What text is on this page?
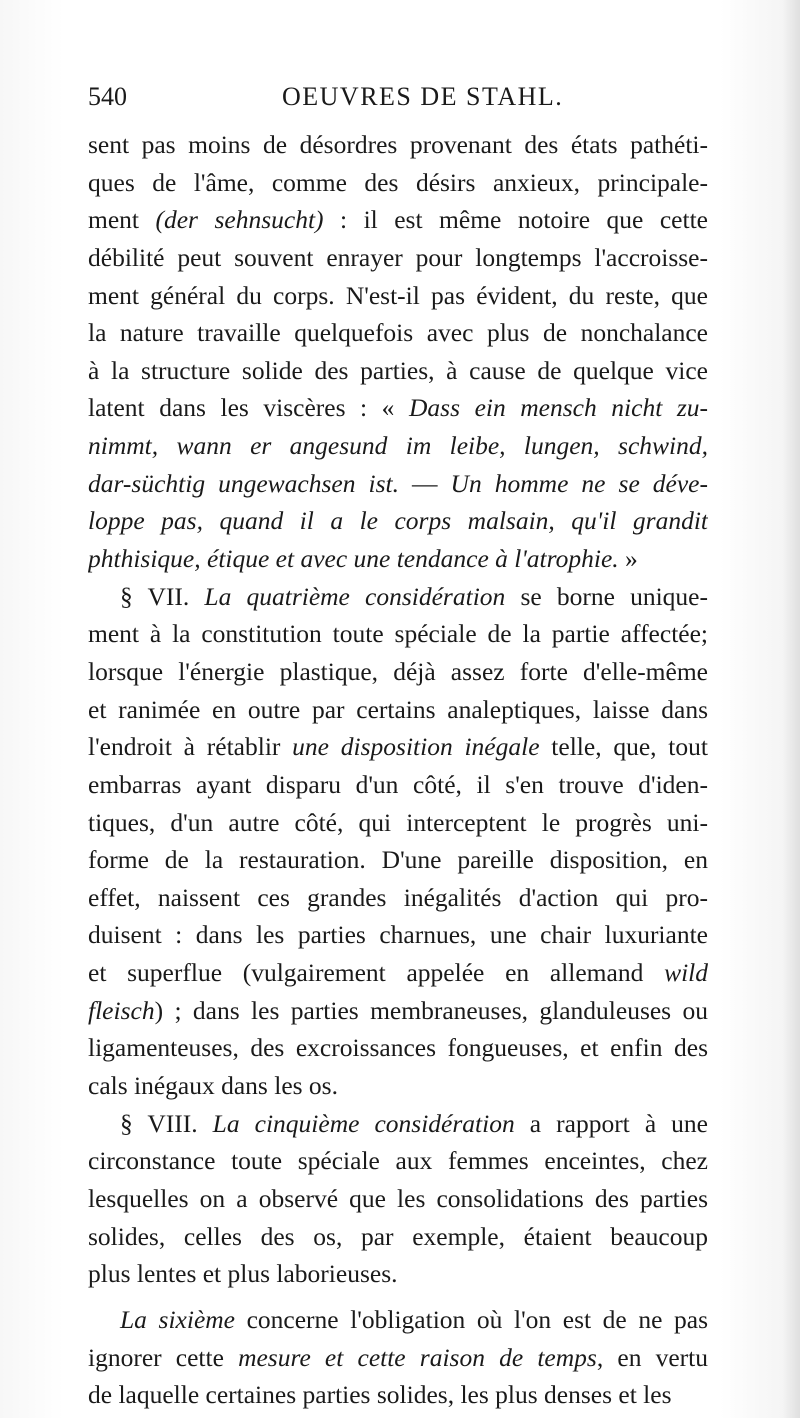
540	OEUVRES DE STAHL.
sent pas moins de désordres provenant des états pathéti-
ques de l'âme, comme des désirs anxieux, principale-
ment (der sehnsucht) : il est même notoire que cette
débilité peut souvent enrayer pour longtemps l'accroisse-
ment général du corps. N'est-il pas évident, du reste, que
la nature travaille quelquefois avec plus de nonchalance
à la structure solide des parties, à cause de quelque vice
latent dans les viscères : « Dass ein mensch nicht zu-
nimmt, wann er angesund im leibe, lungen, schwind,
dar-süchtig ungewachsen ist. — Un homme ne se déve-
loppe pas, quand il a le corps malsain, qu'il grandit
phthisique, étique et avec une tendance à l'atrophie. »
§ VII. La quatrième considération se borne unique-
ment à la constitution toute spéciale de la partie affectée;
lorsque l'énergie plastique, déjà assez forte d'elle-même
et ranimée en outre par certains analeptiques, laisse dans
l'endroit à rétablir une disposition inégale telle, que, tout
embarras ayant disparu d'un côté, il s'en trouve d'iden-
tiques, d'un autre côté, qui interceptent le progrès uni-
forme de la restauration. D'une pareille disposition, en
effet, naissent ces grandes inégalités d'action qui pro-
duisent : dans les parties charnues, une chair luxuriante
et superflue (vulgairement appelée en allemand wild
fleisch) ; dans les parties membraneuses, glanduleuses ou
ligamenteuses, des excroissances fongueuses, et enfin des
cals inégaux dans les os.
§ VIII. La cinquième considération a rapport à une
circonstance toute spéciale aux femmes enceintes, chez
lesquelles on a observé que les consolidations des parties
solides, celles des os, par exemple, étaient beaucoup
plus lentes et plus laborieuses.
La sixième concerne l'obligation où l'on est de ne pas
ignorer cette mesure et cette raison de temps, en vertu
de laquelle certaines parties solides, les plus denses et les
